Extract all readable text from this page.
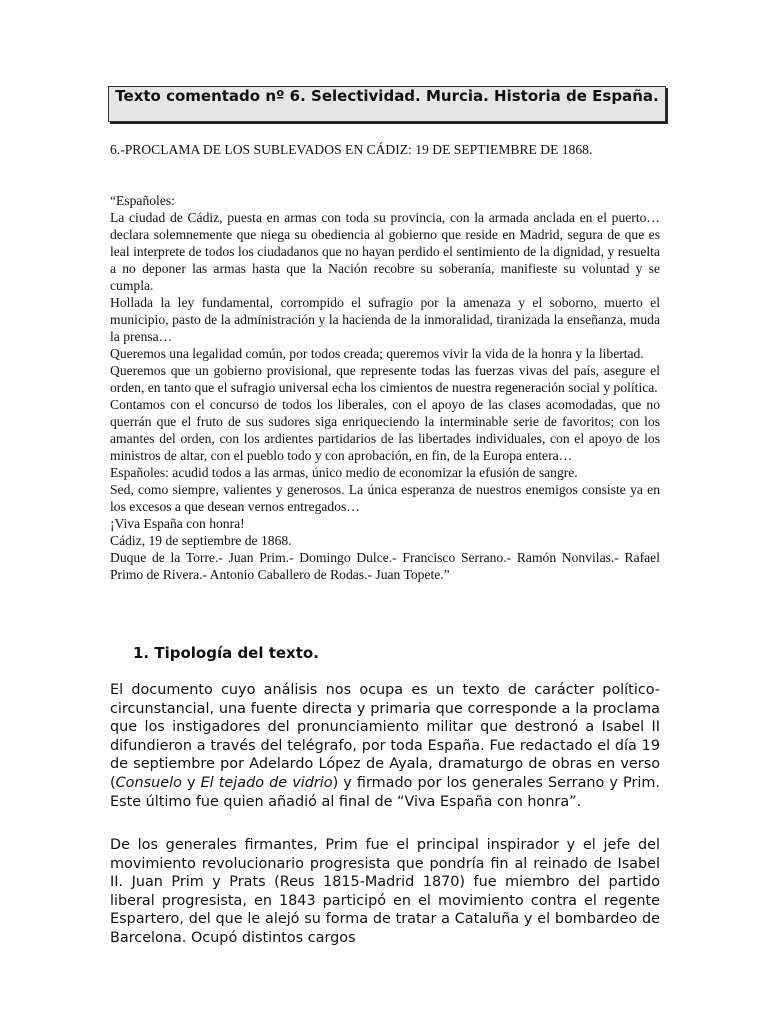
Texto comentado nº 6. Selectividad. Murcia. Historia de España.

6.-PROCLAMA DE LOS SUBLEVADOS EN CÁDIZ: 19 DE SEPTIEMBRE DE 1868.

“Españoles:

La ciudad de Cádiz, puesta en armas con toda su provincia, con la armada anclada en el puerto… declara solemnemente que niega su obediencia al gobierno que reside en Madrid, segura de que es leal interprete de todos los ciudadanos que no hayan perdido el sentimiento de la dignidad, y resuelta a no deponer las armas hasta que la Nación recobre su soberanía, manifieste su voluntad y se cumpla.

Hollada la ley fundamental, corrompido el sufragio por la amenaza y el soborno, muerto el municipio, pasto de la administración y la hacienda de la inmoralidad, tiranizada la enseñanza, muda la prensa…

Queremos una legalidad común, por todos creada; queremos vivir la vida de la honra y la libertad.

Queremos que un gobierno provisional, que represente todas las fuerzas vivas del país, asegure el orden, en tanto que el sufragio universal echa los cimientos de nuestra regeneración social y política.

Contamos con el concurso de todos los liberales, con el apoyo de las clases acomodadas, que no querrán que el fruto de sus sudores siga enriqueciendo la interminable serie de favoritos; con los amantes del orden, con los ardientes partidarios de las libertades individuales, con el apoyo de los ministros de altar, con el pueblo todo y con aprobación, en fin, de la Europa entera…

Españoles: acudid todos a las armas, único medio de economizar la efusión de sangre.

Sed, como siempre, valientes y generosos. La única esperanza de nuestros enemigos consiste ya en los excesos a que desean vernos entregados…

¡Viva España con honra!

Cádiz, 19 de septiembre de 1868.

Duque de la Torre.- Juan Prim.- Domingo Dulce.- Francisco Serrano.- Ramón Nonvilas.- Rafael Primo de Rivera.- Antonio Caballero de Rodas.- Juan Topete.”

1. Tipología del texto.

El documento cuyo análisis nos ocupa es un texto de carácter político-circunstancial, una fuente directa y primaria que corresponde a la proclama que los instigadores del pronunciamiento militar que destronó a Isabel II difundieron a través del telégrafo, por toda España. Fue redactado el día 19 de septiembre por Adelardo López de Ayala, dramaturgo de obras en verso (Consuelo y El tejado de vidrio) y firmado por los generales Serrano y Prim. Este último fue quien añadió al final de “Viva España con honra”.

De los generales firmantes, Prim fue el principal inspirador y el jefe del movimiento revolucionario progresista que pondría fin al reinado de Isabel II. Juan Prim y Prats (Reus 1815-Madrid 1870) fue miembro del partido liberal progresista, en 1843 participó en el movimiento contra el regente Espartero, del que le alejó su forma de tratar a Cataluña y el bombardeo de Barcelona. Ocupó distintos cargos
